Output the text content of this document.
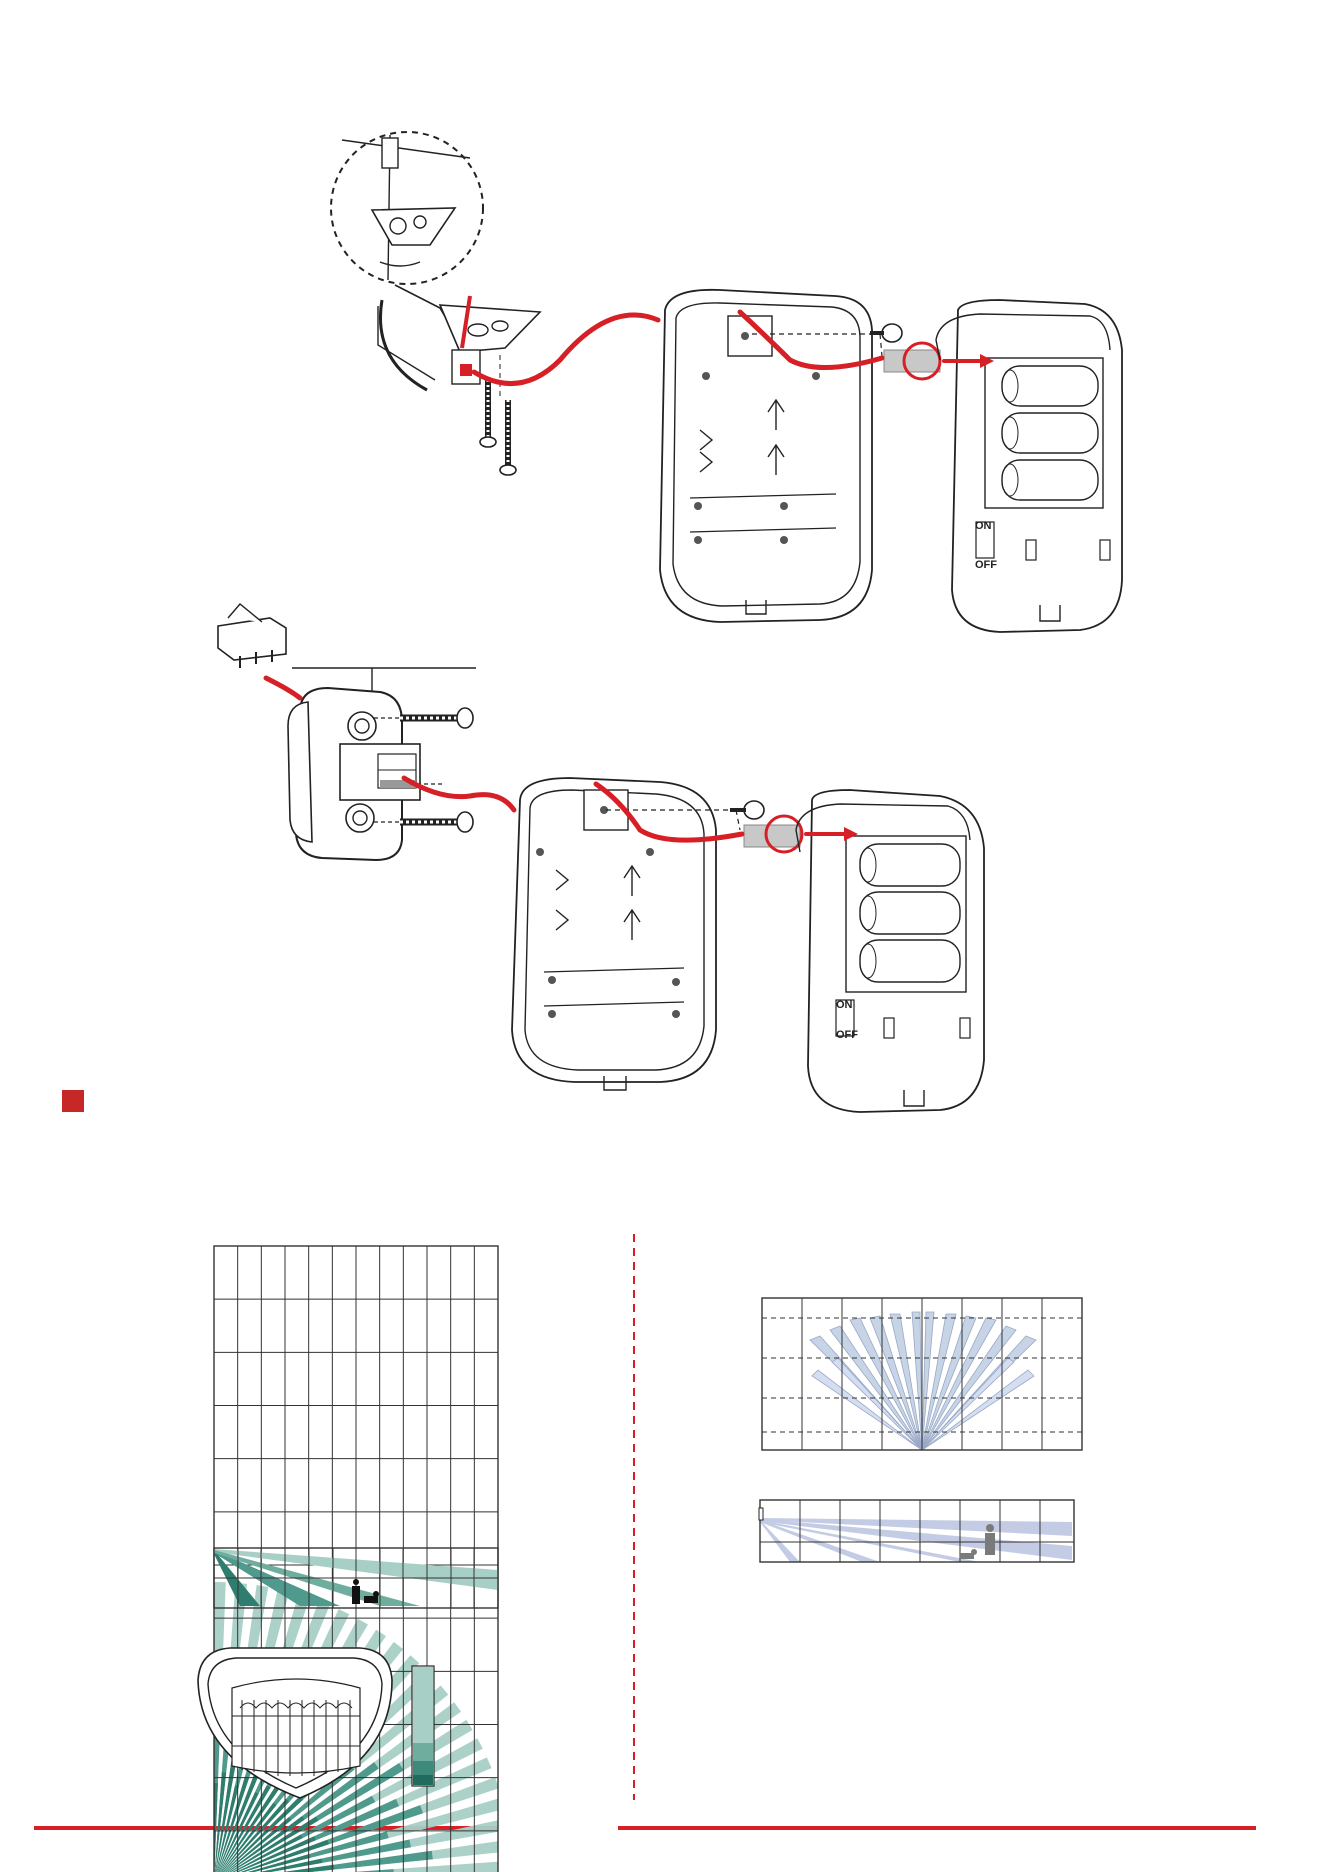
ON
OFF
ON
OFF
